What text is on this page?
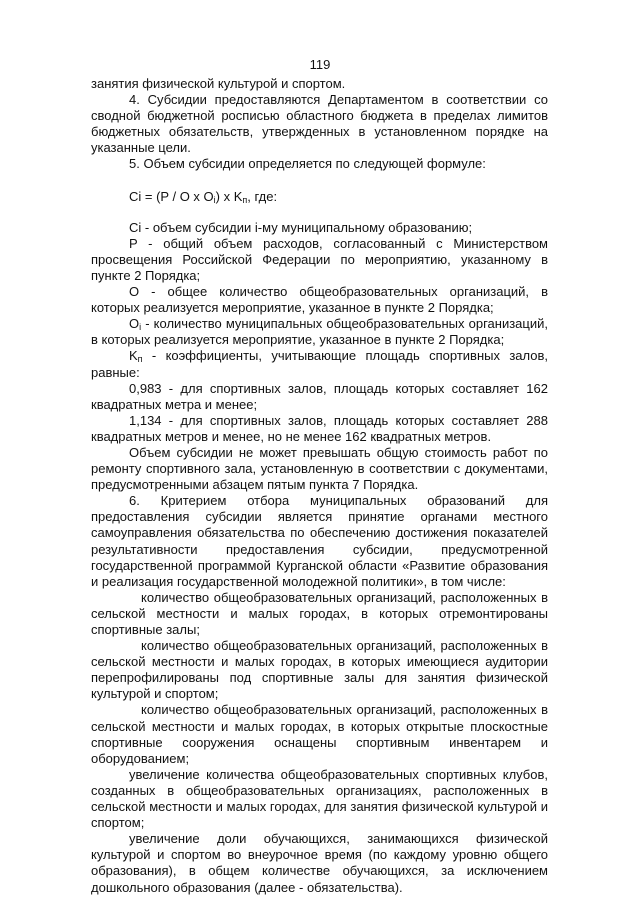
119

занятия физической культурой и спортом.

4. Субсидии предоставляются Департаментом в соответствии со сводной бюджетной росписью областного бюджета в пределах лимитов бюджетных обязательств, утвержденных в установленном порядке на указанные цели.

5. Объем субсидии определяется по следующей формуле:

Ci = (P / O x $O_i$) x $K_п$, где:

Ci - объем субсидии i-му муниципальному образованию;

P - общий объем расходов, согласованный с Министерством просвещения Российской Федерации по мероприятию, указанному в пункте 2 Порядка;

O - общее количество общеобразовательных организаций, в которых реализуется мероприятие, указанное в пункте 2 Порядка;

$O_i$ - количество муниципальных общеобразовательных организаций, в которых реализуется мероприятие, указанное в пункте 2 Порядка;

$K_п$ - коэффициенты, учитывающие площадь спортивных залов, равные:

0,983 - для спортивных залов, площадь которых составляет 162 квадратных метра и менее;

1,134 - для спортивных залов, площадь которых составляет 288 квадратных метров и менее, но не менее 162 квадратных метров.

Объем субсидии не может превышать общую стоимость работ по ремонту спортивного зала, установленную в соответствии с документами, предусмотренными абзацем пятым пункта 7 Порядка.

6. Критерием отбора муниципальных образований для предоставления субсидии является принятие органами местного самоуправления обязательства по обеспечению достижения показателей результативности предоставления субсидии, предусмотренной государственной программой Курганской области «Развитие образования и реализация государственной молодежной политики», в том числе:

количество общеобразовательных организаций, расположенных в сельской местности и малых городах, в которых отремонтированы спортивные залы;

количество общеобразовательных организаций, расположенных в сельской местности и малых городах, в которых имеющиеся аудитории перепрофилированы под спортивные залы для занятия физической культурой и спортом;

количество общеобразовательных организаций, расположенных в сельской местности и малых городах, в которых открытые плоскостные спортивные сооружения оснащены спортивным инвентарем и оборудованием;

увеличение количества общеобразовательных спортивных клубов, созданных в общеобразовательных организациях, расположенных в сельской местности и малых городах, для занятия физической культурой и спортом;

увеличение доли обучающихся, занимающихся физической культурой и спортом во внеурочное время (по каждому уровню общего образования), в общем количестве обучающихся, за исключением дошкольного образования (далее - обязательства).
